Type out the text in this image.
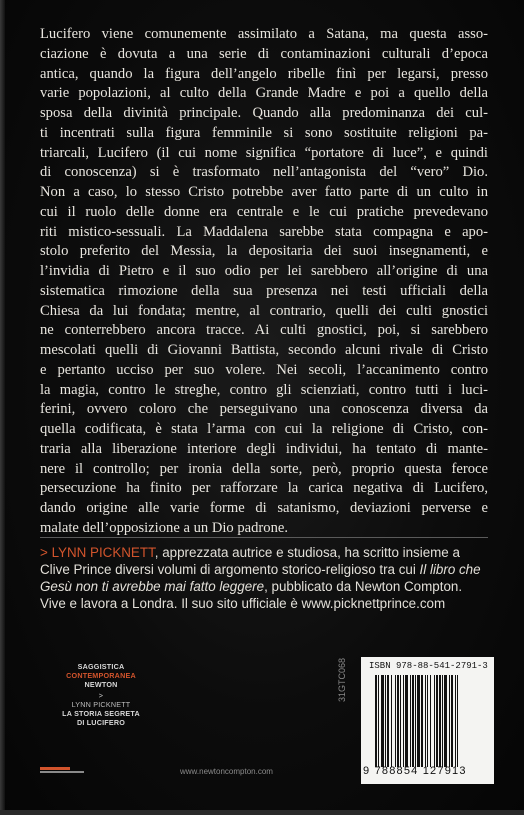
Lucifero viene comunemente assimilato a Satana, ma questa asso-
ciazione è dovuta a una serie di contaminazioni culturali d’epoca
antica, quando la figura dell’angelo ribelle finì per legarsi, presso
varie popolazioni, al culto della Grande Madre e poi a quello della
sposa della divinità principale. Quando alla predominanza dei cul-
ti incentrati sulla figura femminile si sono sostituite religioni pa-
triarcali, Lucifero (il cui nome significa “portatore di luce”, e quindi
di conoscenza) si è trasformato nell’antagonista del “vero” Dio.
Non a caso, lo stesso Cristo potrebbe aver fatto parte di un culto in
cui il ruolo delle donne era centrale e le cui pratiche prevedevano
riti mistico-sessuali. La Maddalena sarebbe stata compagna e apo-
stolo preferito del Messia, la depositaria dei suoi insegnamenti, e
l’invidia di Pietro e il suo odio per lei sarebbero all’origine di una
sistematica rimozione della sua presenza nei testi ufficiali della
Chiesa da lui fondata; mentre, al contrario, quelli dei culti gnostici
ne conterrebbero ancora tracce. Ai culti gnostici, poi, si sarebbero
mescolati quelli di Giovanni Battista, secondo alcuni rivale di Cristo
e pertanto ucciso per suo volere. Nei secoli, l’accanimento contro
la magia, contro le streghe, contro gli scienziati, contro tutti i luci-
ferini, ovvero coloro che perseguivano una conoscenza diversa da
quella codificata, è stata l’arma con cui la religione di Cristo, con-
traria alla liberazione interiore degli individui, ha tentato di mante-
nere il controllo; per ironia della sorte, però, proprio questa feroce
persecuzione ha finito per rafforzare la carica negativa di Lucifero,
dando origine alle varie forme di satanismo, deviazioni perverse e
malate dell’opposizione a un Dio padrone.

> LYNN PICKNETT, apprezzata autrice e studiosa, ha scritto insieme a Clive Prince diversi volumi di argomento storico-religioso tra cui Il libro che Gesù non ti avrebbe mai fatto leggere, pubblicato da Newton Compton. Vive e lavora a Londra. Il suo sito ufficiale è www.picknettprince.com

SAGGISTICA
CONTEMPORANEA
NEWTON
>
LYNN PICKNETT
LA STORIA SEGRETA
DI LUCIFERO
www.newtoncompton.com
31GTC068 ISBN 978-88-541-2791-3
9 788854 127913
